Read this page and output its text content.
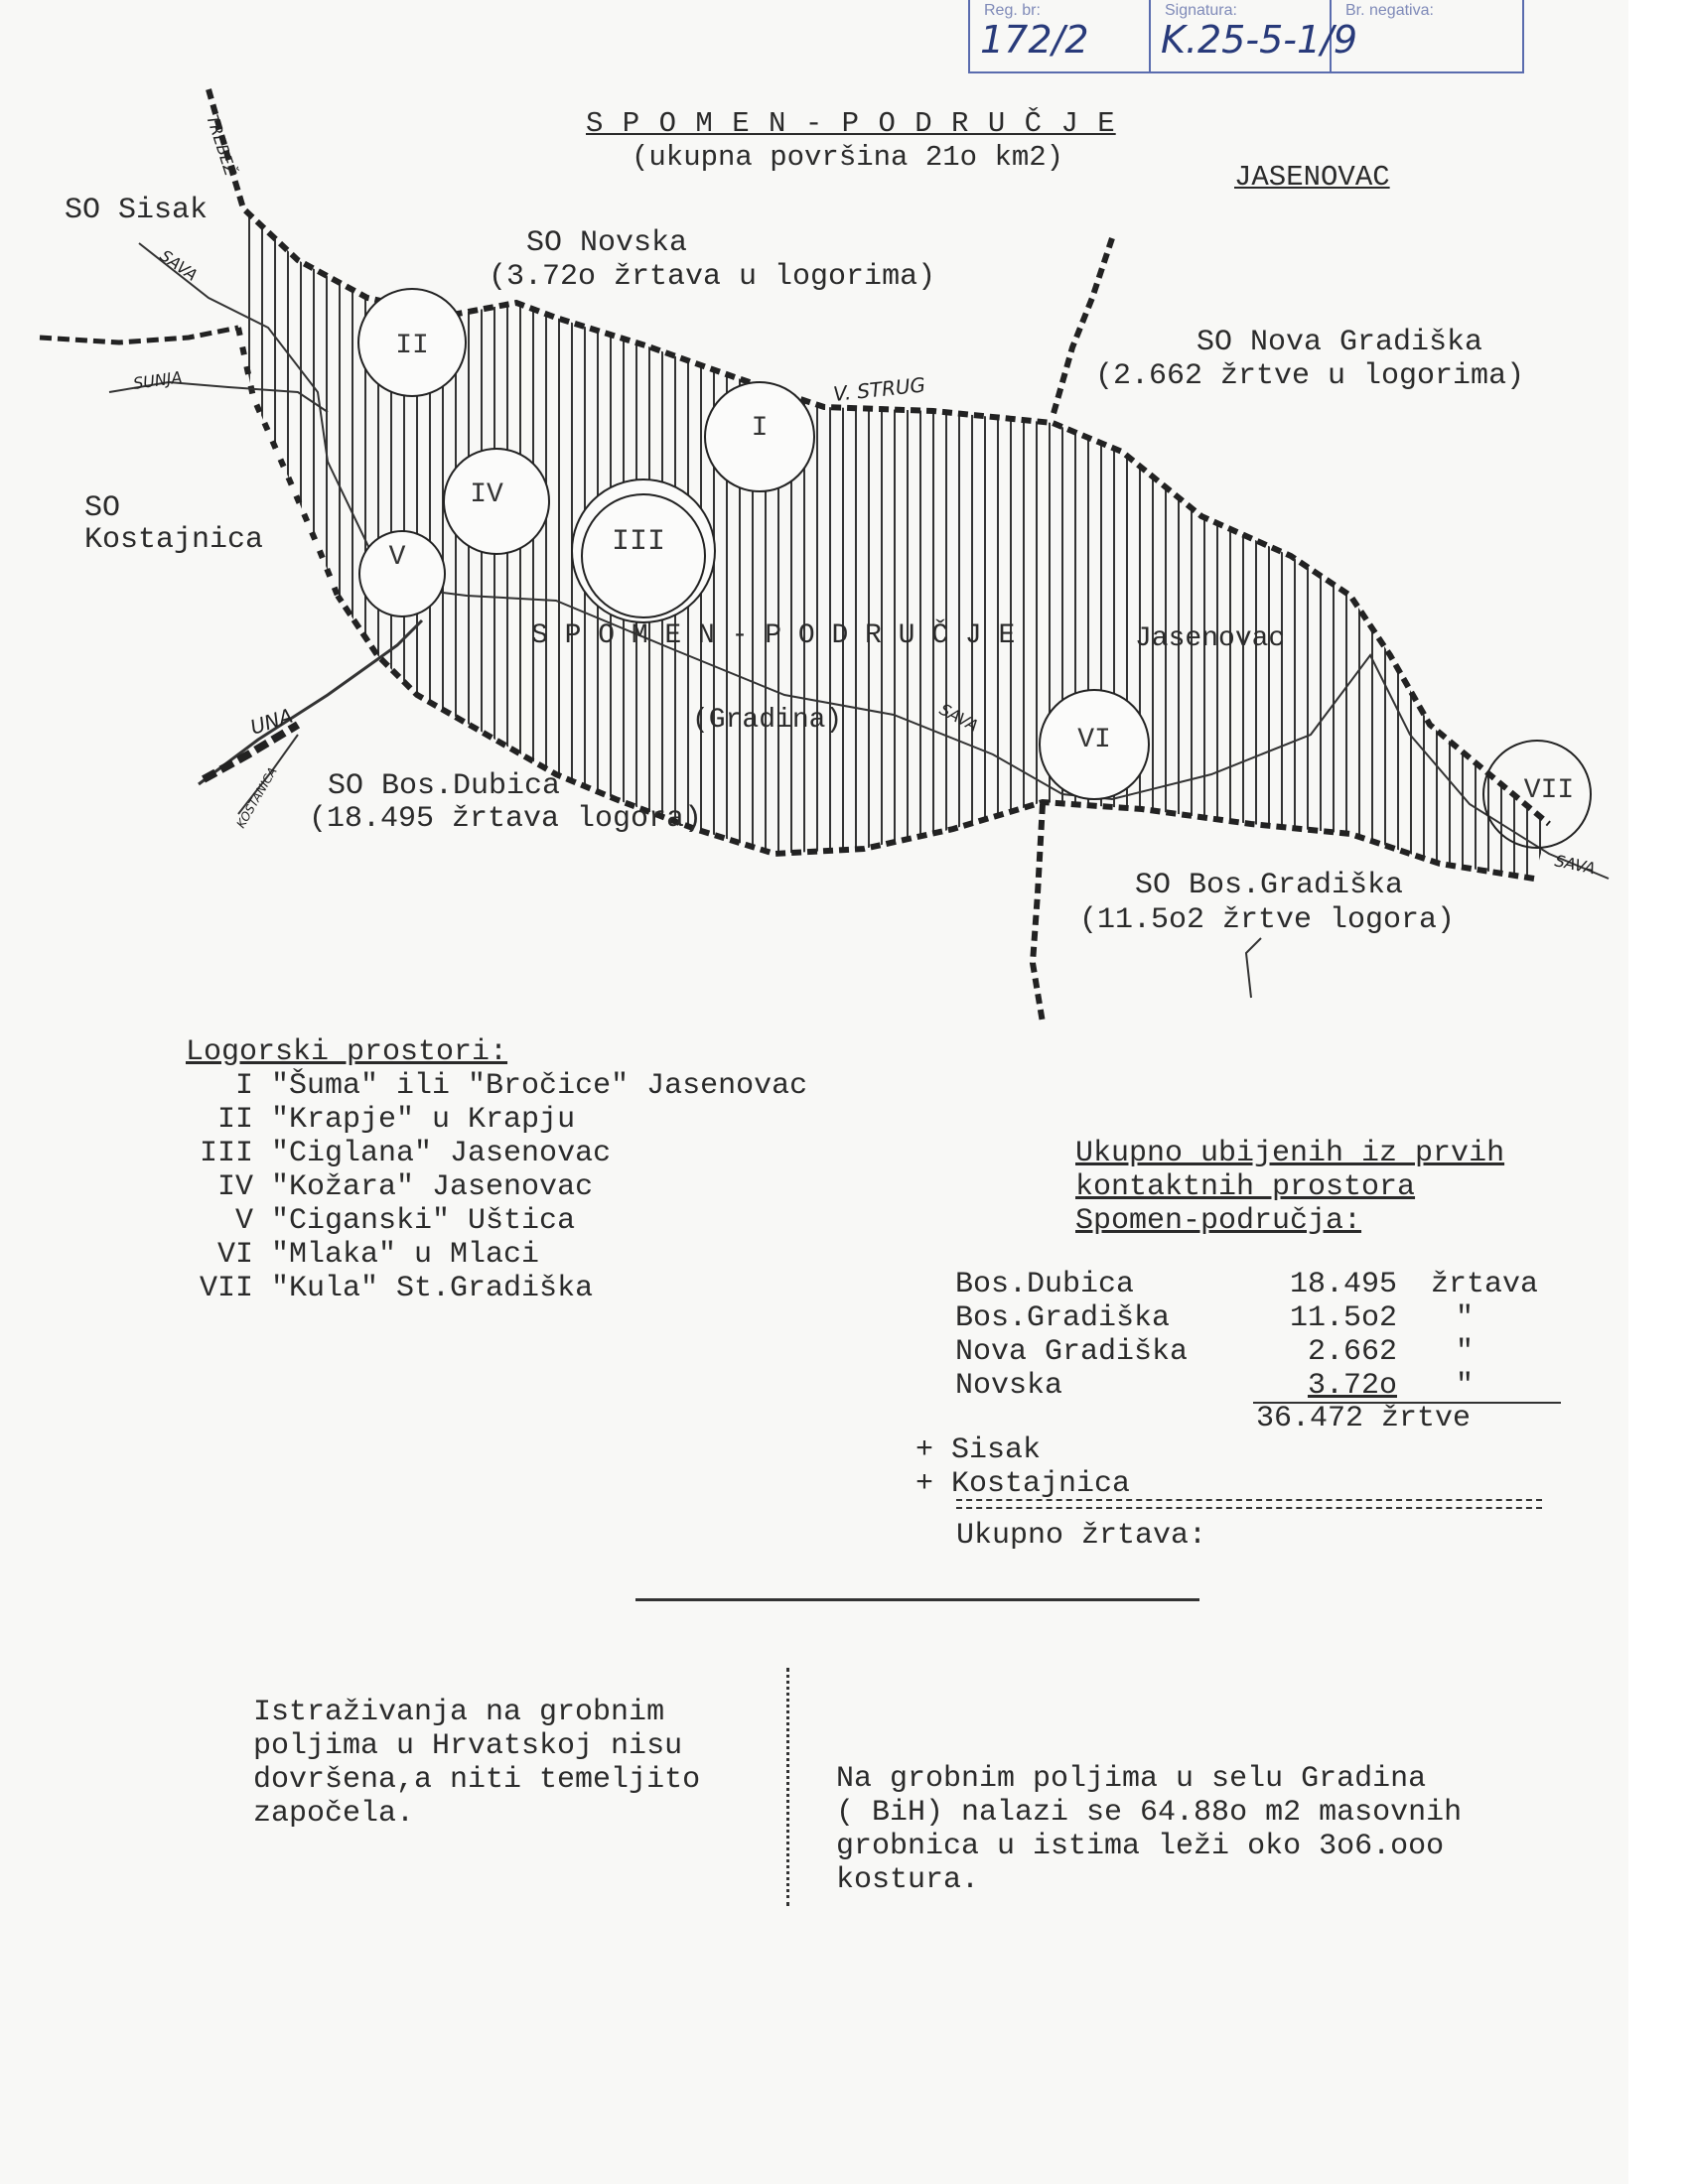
Reg. br:
172/2
Signatura:
K.25-5-1/9
Br. negativa:
II
I
IV
III
V
VI
VII
TREBEŽ
SAVA
SUNJA	V. STRUG
UNA
KOSTANICA
SAVA
SAVA
S P O M E N - P O D R U Č J E
(ukupna površina 21o km2)
JASENOVAC
SO Sisak
SO Novska
(3.72o žrtava u logorima)
SO Nova Gradiška
(2.662 žrtve u logorima)
SO
Kostajnica
S P O M E N - P O D R U Č J E	Jasenovac
(Gradina)
SO Bos.Dubica
(18.495 žrtava logora)
SO Bos.Gradiška
(11.5o2 žrtve logora)
Logorski prostori:
I "Šuma" ili "Bročice" Jasenovac
II "Krapje" u Krapju
III "Ciglana" Jasenovac
IV "Kožara" Jasenovac
V "Ciganski" Uštica
VI "Mlaka" u Mlaci
VII "Kula" St.Gradiška
Ukupno ubijenih iz prvih
kontaktnih prostora
Spomen-područja:
Bos.Dubica	18.495 žrtava
Bos.Gradiška	11.5o2 "
Nova Gradiška	2.662 "
Novska	3.72o "
36.472 žrtve
+ Sisak
+ Kostajnica
Ukupno žrtava:
Istraživanja na grobnim
poljima u Hrvatskoj nisu
dovršena,a niti temeljito
započela.
Na grobnim poljima u selu Gradina
( BiH) nalazi se 64.88o m2 masovnih
grobnica u istima leži oko 3o6.ooo
kostura.
